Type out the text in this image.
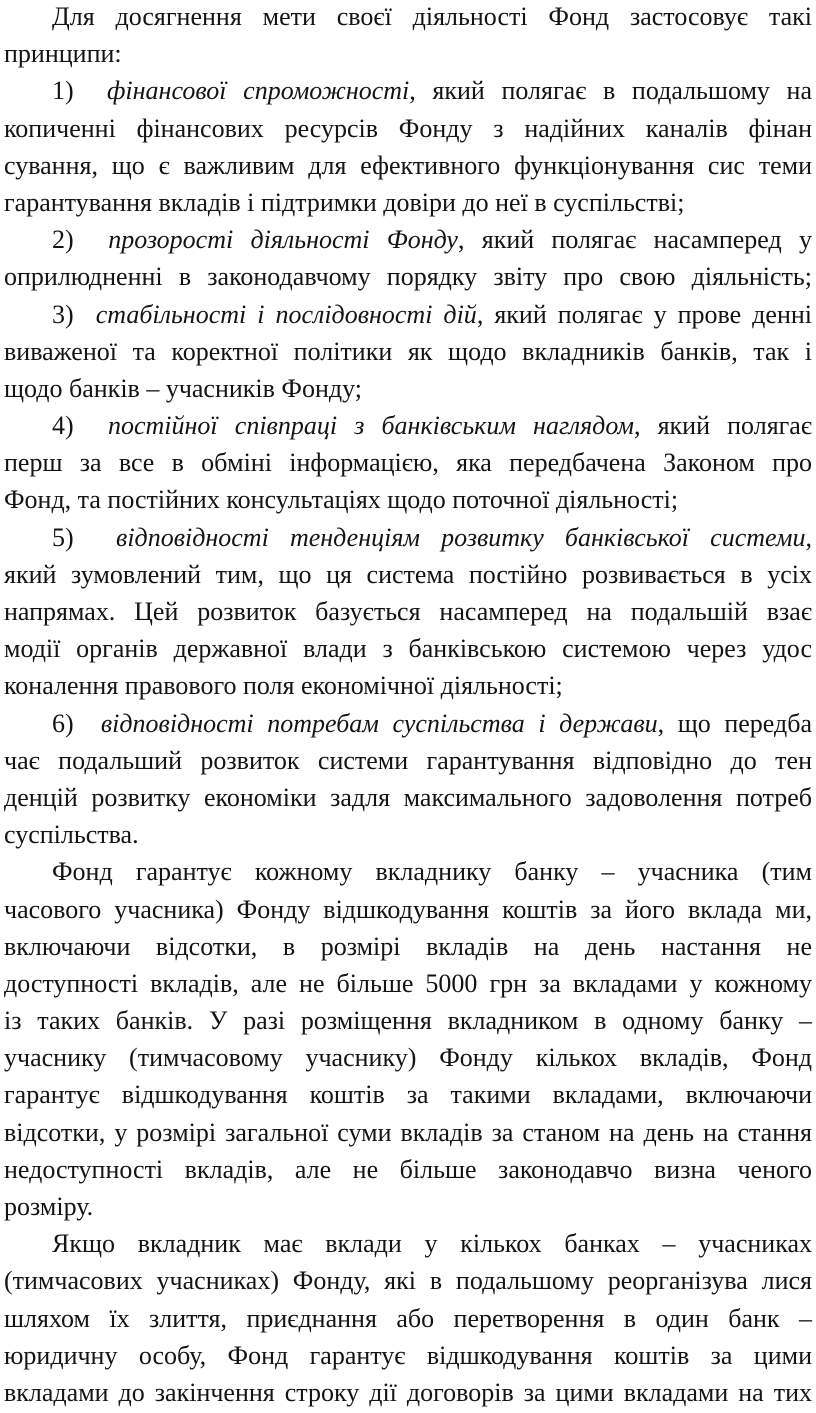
Для досягнення мети своєї діяльності Фонд застосовує такі
принципи:
1) фінансової спроможності, який полягає в подальшому на
копиченні фінансових ресурсів Фонду з надійних каналів фінан
сування, що є важливим для ефективного функціонування сис теми
гарантування вкладів і підтримки довіри до неї в суспільстві;
2) прозорості діяльності Фонду, який полягає насамперед у
оприлюдненні в законодавчому порядку звіту про свою діяльність;
3) стабільності і послідовності дій, який полягає у прове денні
виваженої та коректної політики як щодо вкладників банків, так і
щодо банків – учасників Фонду;
4) постійної співпраці з банківським наглядом, який полягає
перш за все в обміні інформацією, яка передбачена Законом про
Фонд, та постійних консультаціях щодо поточної діяльності;
5) відповідності тенденціям розвитку банківської системи,
який зумовлений тим, що ця система постійно розвивається в усіх
напрямах. Цей розвиток базується насамперед на подальшій взає
модії органів державної влади з банківською системою через удос
коналення правового поля економічної діяльності;
6) відповідності потребам суспільства і держави, що передба
чає подальший розвиток системи гарантування відповідно до тен
денцій розвитку економіки задля максимального задоволення потреб
суспільства.
Фонд гарантує кожному вкладнику банку – учасника (тим
часового учасника) Фонду відшкодування коштів за його вклада ми,
включаючи відсотки, в розмірі вкладів на день настання не
доступності вкладів, але не більше 5000 грн за вкладами у кожному
із таких банків. У разі розміщення вкладником в одному банку –
учаснику (тимчасовому учаснику) Фонду кількох вкладів, Фонд
гарантує відшкодування коштів за такими вкладами, включаючи
відсотки, у розмірі загальної суми вкладів за станом на день на стання
недоступності вкладів, але не більше законодавчо визна ченого
розміру.
Якщо вкладник має вклади у кількох банках – учасниках
(тимчасових учасниках) Фонду, які в подальшому реорганізува лися
шляхом їх злиття, приєднання або перетворення в один банк –
юридичну особу, Фонд гарантує відшкодування коштів за цими
вкладами до закінчення строку дії договорів за цими вкладами на тих
